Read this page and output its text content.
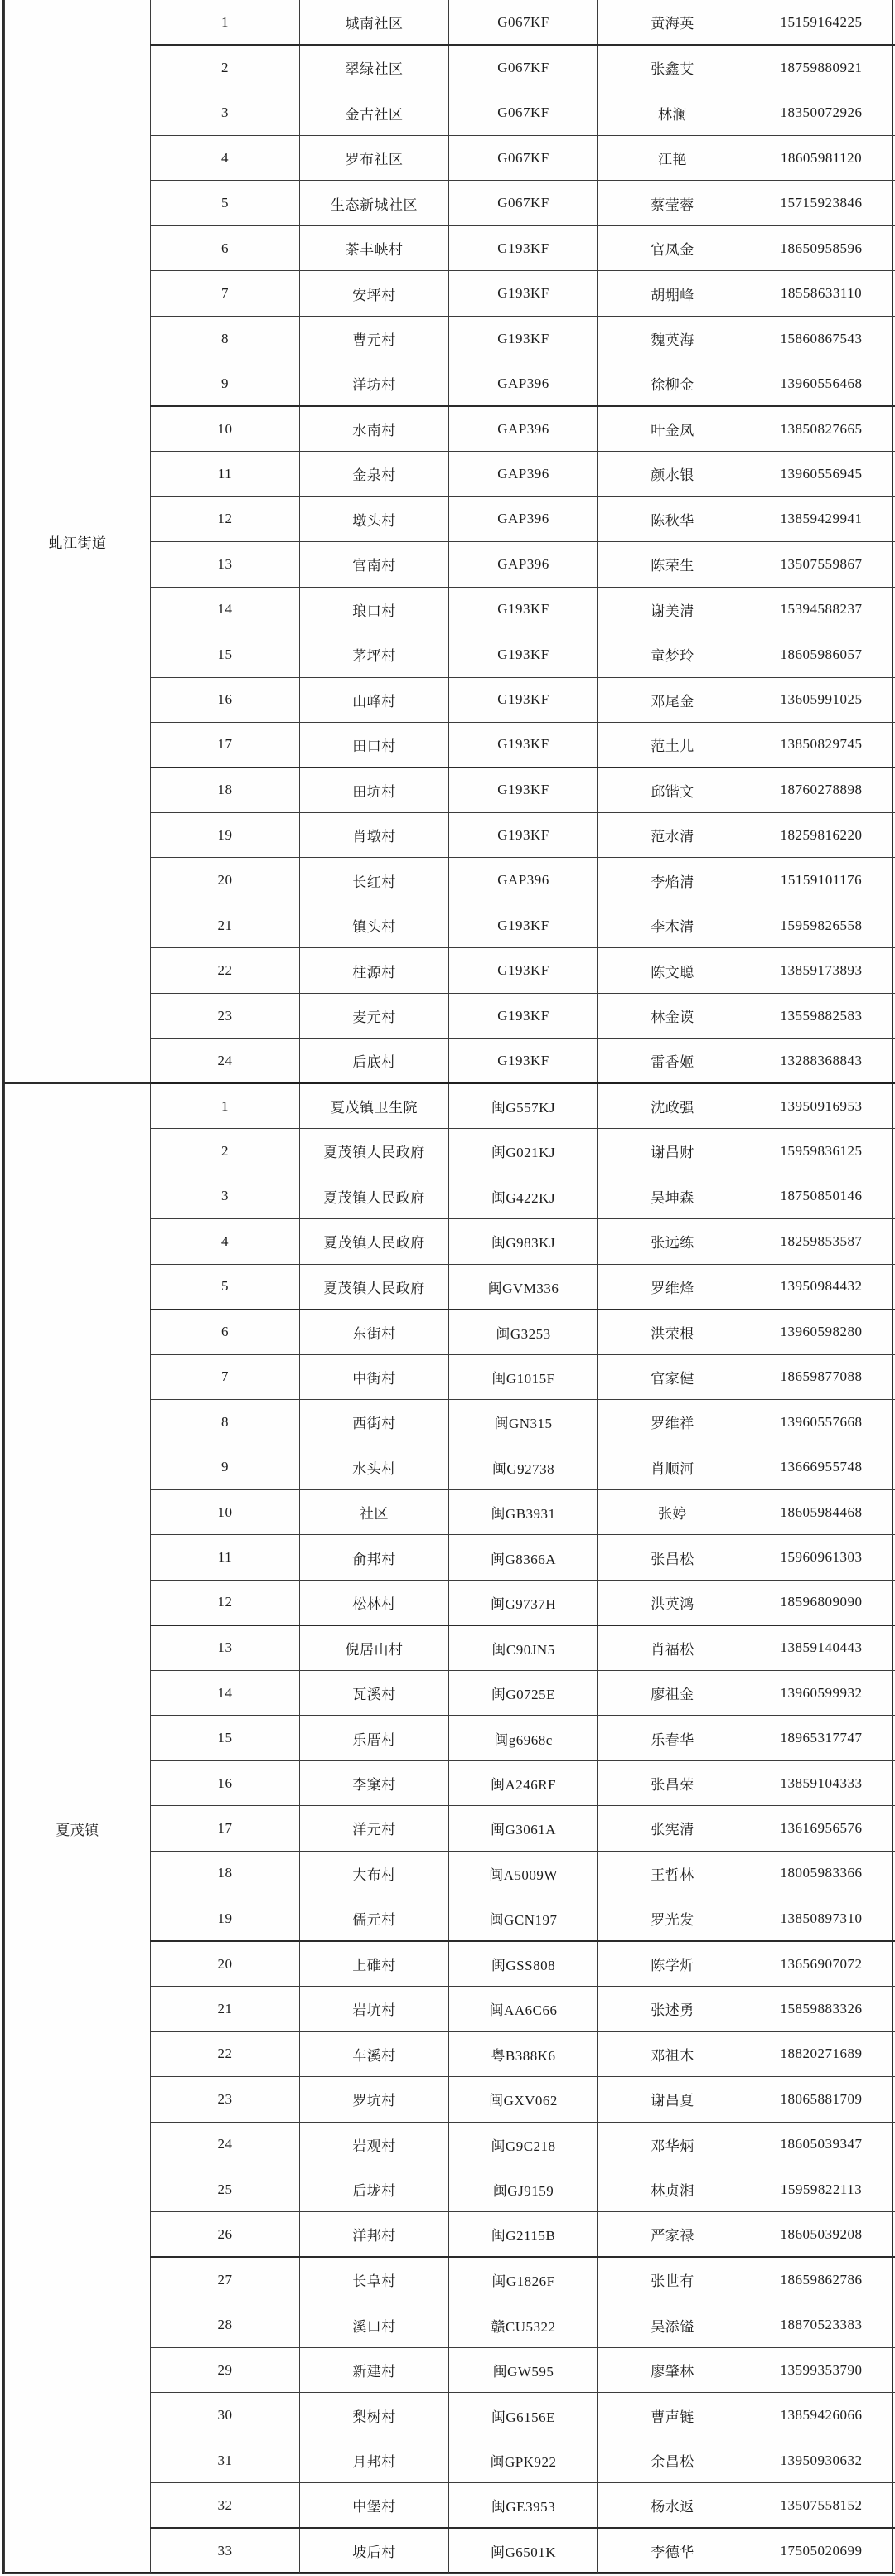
虬江街道	1	城南社区	G067KF	黄海英	15159164225
	2	翠绿社区	G067KF	张鑫艾	18759880921
	3	金古社区	G067KF	林澜	18350072926
	4	罗布社区	G067KF	江艳	18605981120
	5	生态新城社区	G067KF	蔡莹蓉	15715923846
	6	茶丰峡村	G193KF	官凤金	18650958596
	7	安坪村	G193KF	胡堋峰	18558633110
	8	曹元村	G193KF	魏英海	15860867543
	9	洋坊村	GAP396	徐柳金	13960556468
	10	水南村	GAP396	叶金凤	13850827665
	11	金泉村	GAP396	颜水银	13960556945
	12	墩头村	GAP396	陈秋华	13859429941
	13	官南村	GAP396	陈荣生	13507559867
	14	琅口村	G193KF	谢美清	15394588237
	15	茅坪村	G193KF	童梦玲	18605986057
	16	山峰村	G193KF	邓尾金	13605991025
	17	田口村	G193KF	范土儿	13850829745
	18	田坑村	G193KF	邱锴文	18760278898
	19	肖墩村	G193KF	范水清	18259816220
	20	长红村	GAP396	李焰清	15159101176
	21	镇头村	G193KF	李木清	15959826558
	22	柱源村	G193KF	陈文聪	13859173893
	23	麦元村	G193KF	林金谟	13559882583
	24	后底村	G193KF	雷香姬	13288368843
夏茂镇	1	夏茂镇卫生院	闽G557KJ	沈政强	13950916953
	2	夏茂镇人民政府	闽G021KJ	谢昌财	15959836125
	3	夏茂镇人民政府	闽G422KJ	吴坤森	18750850146
	4	夏茂镇人民政府	闽G983KJ	张远练	18259853587
	5	夏茂镇人民政府	闽GVM336	罗维烽	13950984432
	6	东街村	闽G3253	洪荣根	13960598280
	7	中街村	闽G1015F	官家健	18659877088
	8	西街村	闽GN315	罗维祥	13960557668
	9	水头村	闽G92738	肖顺河	13666955748
	10	社区	闽GB3931	张婷	18605984468
	11	俞邦村	闽G8366A	张昌松	15960961303
	12	松林村	闽G9737H	洪英鸿	18596809090
	13	倪居山村	闽C90JN5	肖福松	13859140443
	14	瓦溪村	闽G0725E	廖祖金	13960599932
	15	乐厝村	闽g6968c	乐春华	18965317747
	16	李窠村	闽A246RF	张昌荣	13859104333
	17	洋元村	闽G3061A	张宪清	13616956576
	18	大布村	闽A5009W	王哲林	18005983366
	19	儒元村	闽GCN197	罗光发	13850897310
	20	上碓村	闽GSS808	陈学炘	13656907072
	21	岩坑村	闽AA6C66	张述勇	15859883326
	22	车溪村	粤B388K6	邓祖木	18820271689
	23	罗坑村	闽GXV062	谢昌夏	18065881709
	24	岩观村	闽G9C218	邓华炳	18605039347
	25	后垅村	闽GJ9159	林贞湘	15959822113
	26	洋邦村	闽G2115B	严家禄	18605039208
	27	长阜村	闽G1826F	张世有	18659862786
	28	溪口村	赣CU5322	吴添镒	18870523383
	29	新建村	闽GW595	廖肇林	13599353790
	30	梨树村	闽G6156E	曹声链	13859426066
	31	月邦村	闽GPK922	余昌松	13950930632
	32	中堡村	闽GE3953	杨水返	13507558152
	33	坡后村	闽G6501K	李德华	17505020699
